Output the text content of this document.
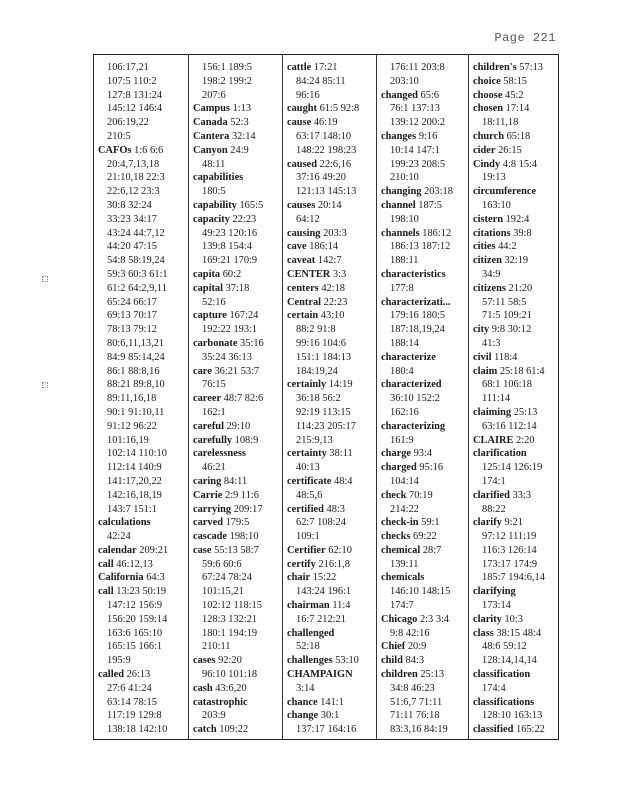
Page 221
106:17,21
107:5 110:2
127:8 131:24
145:12 146:4
206:19,22
210:5
CAFOs 1:6 6:6
20:4,7,13,18
21:10,18 22:3
22:6,12 23:3
30:8 32:24
33:23 34:17
43:24 44:7,12
44:20 47:15
54:8 58:19,24
59:3 60:3 61:1
61:2 64:2,9,11
65:24 66:17
69:13 70:17
78:13 79:12
80:6,11,13,21
84:9 85:14,24
86:1 88:8,16
88:21 89:8,10
89:11,16,18
90:1 91:10,11
91:12 96:22
101:16,19
102:14 110:10
112:14 140:9
141:17,20,22
142:16,18,19
143:7 151:1
calculations
42:24
calendar 209:21
call 46:12,13
California 64:3
call 13:23 50:19
147:12 156:9
156:20 159:14
163:6 165:10
165:15 166:1
195:9
called 26:13
27:6 41:24
63:14 78:15
117:19 129:8
138:18 142:10
156:1 189:5
198:2 199:2
207:6
Campus 1:13
Canada 52:3
Cantera 32:14
Canyon 24:9
48:11
capabilities
180:5
capability 165:5
capacity 22:23
49:23 120:16
139:8 154:4
169:21 170:9
capita 60:2
capital 37:18
52:16
capture 167:24
192:22 193:1
carbonate 35:16
35:24 36:13
care 36:21 53:7
76:15
career 48:7 82:6
162:1
careful 29:10
carefully 108:9
carelessness
46:21
caring 84:11
Carrie 2:9 11:6
carrying 209:17
carved 179:5
cascade 198:10
case 55:13 58:7
59:6 60:6
67:24 78:24
101:15,21
102:12 118:15
128:3 132:21
180:1 194:19
210:11
cases 92:20
96:10 101:18
cash 43:6,20
catastrophic
203:9
catch 109:22
cattle 17:21
84:24 85:11
96:16
caught 61:5 92:8
cause 46:19
63:17 148:10
148:22 198:23
caused 22:6,16
37:16 49:20
121:13 145:13
causes 20:14
64:12
causing 203:3
cave 186:14
caveat 142:7
CENTER 3:3
centers 42:18
Central 22:23
certain 43:10
88:2 91:8
99:16 104:6
151:1 184:13
184:19,24
certainly 14:19
36:18 56:2
92:19 113:15
114:23 205:17
215:9,13
certainty 38:11
40:13
certificate 48:4
48:5,6
certified 48:3
62:7 108:24
109:1
Certifier 62:10
certify 216:1,8
chair 15:22
143:24 196:1
chairman 11:4
16:7 212:21
challenged
52:18
challenges 53:10
CHAMPAIGN
3:14
chance 141:1
change 30:1
137:17 164:16
176:11 203:8
203:10
changed 65:6
76:1 137:13
139:12 200:2
changes 9:16
10:14 147:1
199:23 208:5
210:10
changing 203:18
channel 187:5
198:10
channels 186:12
186:13 187:12
188:11
characteristics
177:8
characterizati...
179:16 180:5
187:18,19,24
188:14
characterize
180:4
characterized
36:10 152:2
162:16
characterizing
161:9
charge 93:4
charged 95:16
104:14
check 70:19
214:22
check-in 59:1
checks 69:22
chemical 28:7
139:11
chemicals
146:10 148:15
174:7
Chicago 2:3 3:4
9:8 42:16
Chief 20:9
child 84:3
children 25:13
34:8 46:23
51:6,7 71:11
71:11 76:18
83:3,16 84:19
children's 57:13
choice 58:15
choose 45:2
chosen 17:14
18:11,18
church 65:18
cider 26:15
Cindy 4:8 15:4
19:13
circumference
163:10
cistern 192:4
citations 39:8
cities 44:2
citizen 32:19
34:9
citizens 21:20
57:11 58:5
71:5 109:21
city 9:8 30:12
41:3
civil 118:4
claim 25:18 61:4
68:1 106:18
111:14
claiming 25:13
63:16 112:14
CLAIRE 2:20
clarification
125:14 126:19
174:1
clarified 33:3
88:22
clarify 9:21
97:12 111:19
116:3 126:14
173:17 174:9
185:7 194:6,14
clarifying
173:14
clarity 10:3
class 38:15 48:4
48:6 59:12
128:14,14,14
classification
174:4
classifications
128:10 163:13
classified 165:22
